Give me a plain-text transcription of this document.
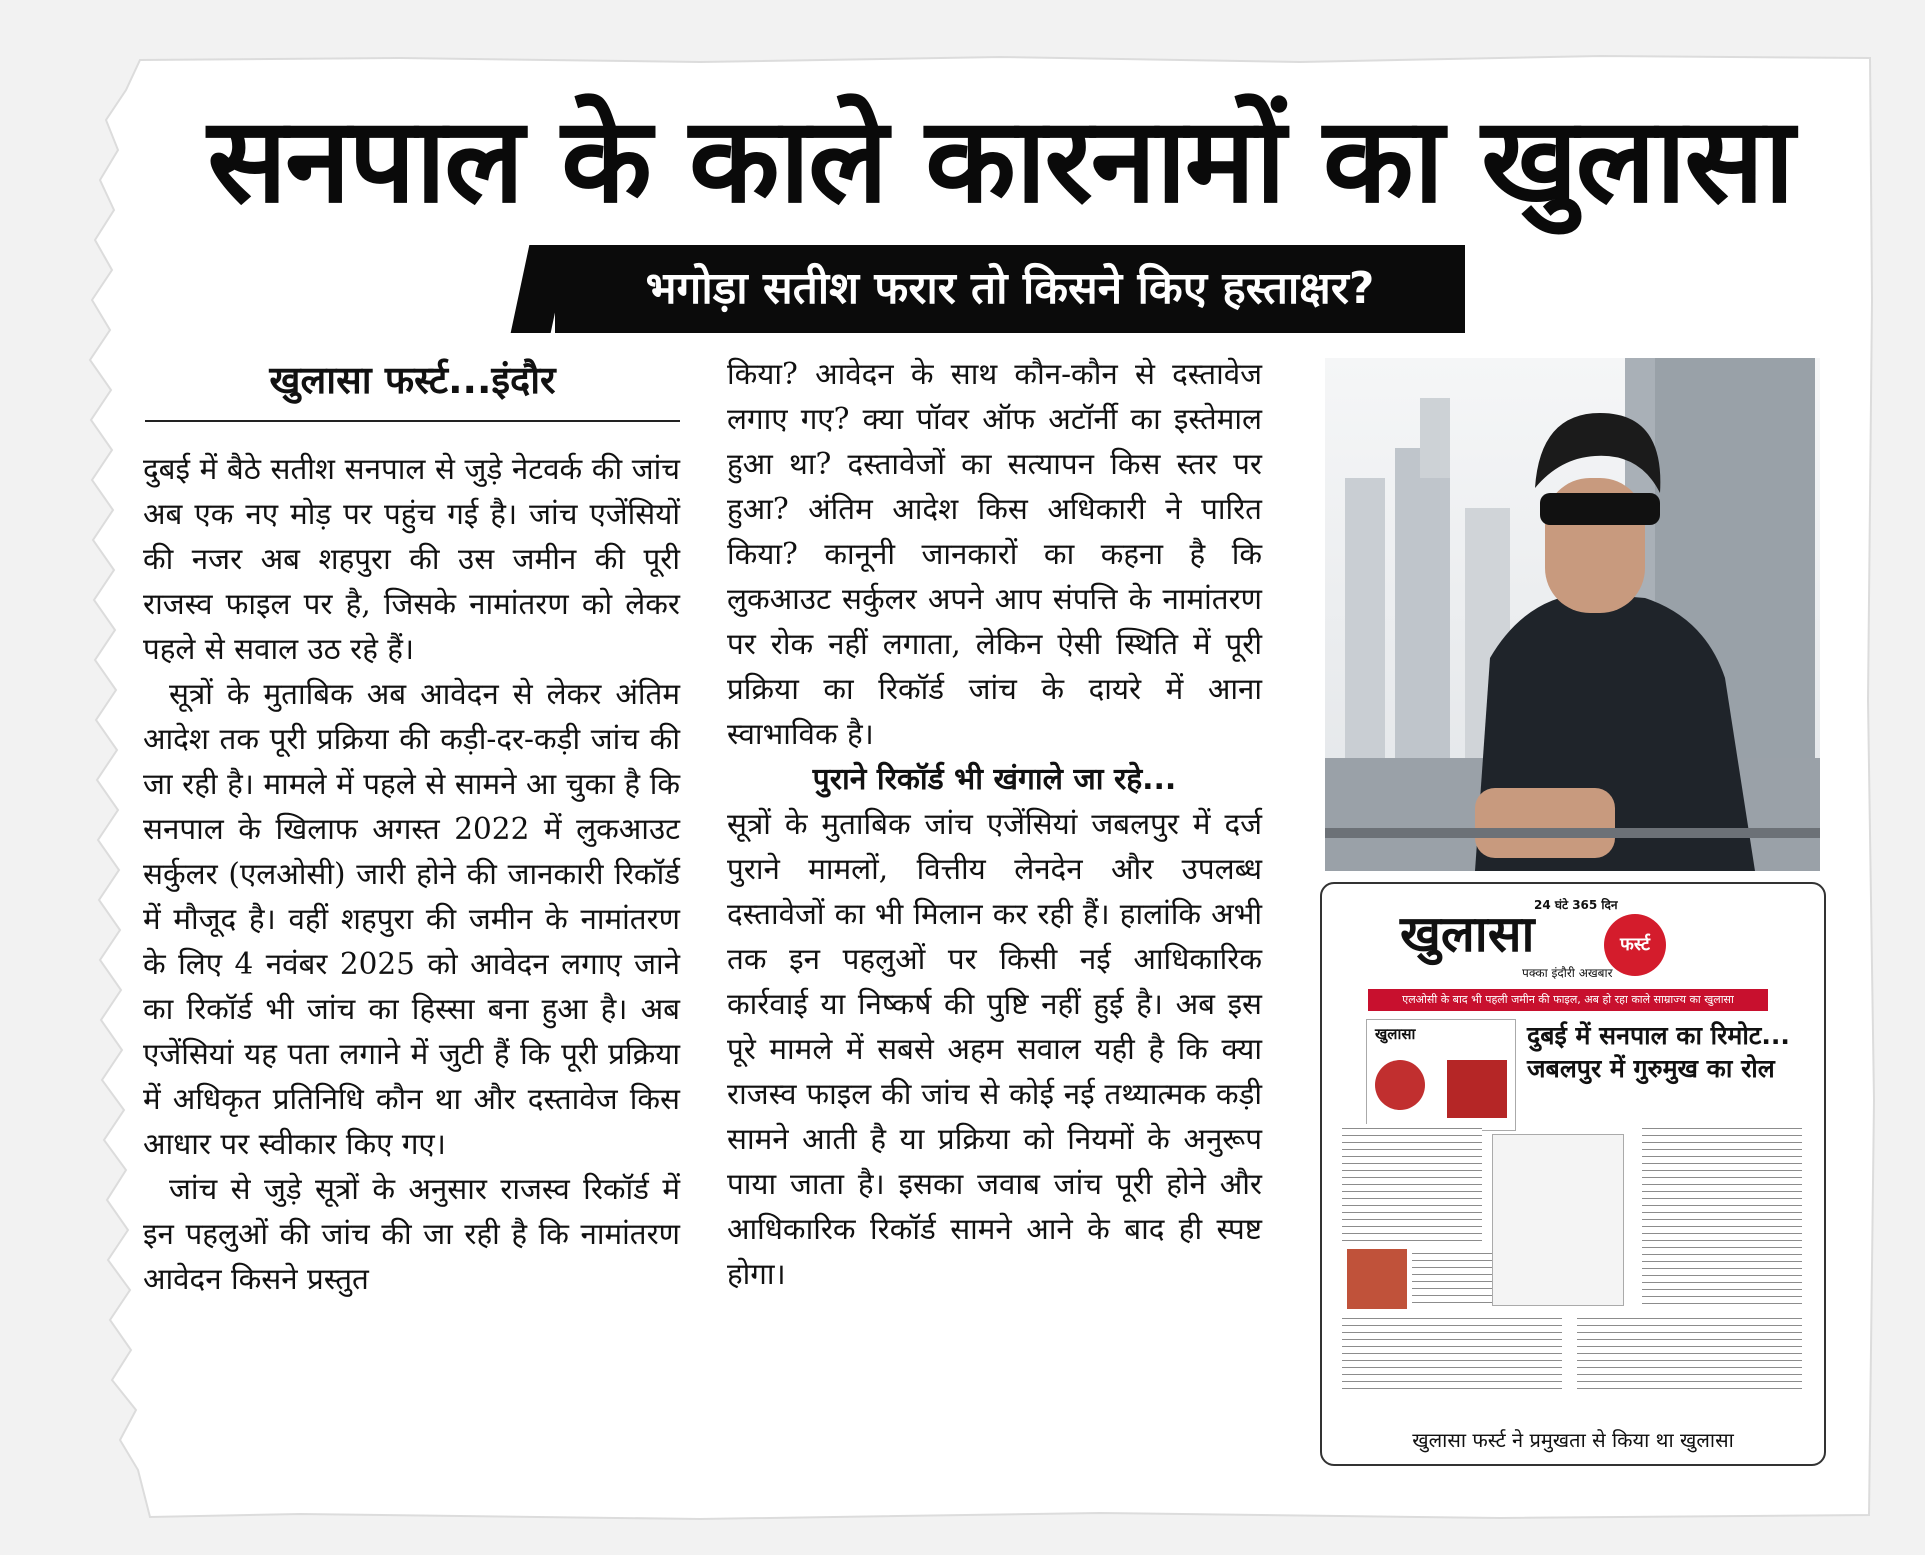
सनपाल के काले कारनामों का खुलासा
भगोड़ा सतीश फरार तो किसने किए हस्ताक्षर?
खुलासा फर्स्ट...इंदौर

दुबई में बैठे सतीश सनपाल से जुड़े नेटवर्क की जांच अब एक नए मोड़ पर पहुंच गई है। जांच एजेंसियों की नजर अब शहपुरा की उस जमीन की पूरी राजस्व फाइल पर है, जिसके नामांतरण को लेकर पहले से सवाल उठ रहे हैं।

सूत्रों के मुताबिक अब आवेदन से लेकर अंतिम आदेश तक पूरी प्रक्रिया की कड़ी-दर-कड़ी जांच की जा रही है। मामले में पहले से सामने आ चुका है कि सनपाल के खिलाफ अगस्त 2022 में लुकआउट सर्कुलर (एलओसी) जारी होने की जानकारी रिकॉर्ड में मौजूद है। वहीं शहपुरा की जमीन के नामांतरण के लिए 4 नवंबर 2025 को आवेदन लगाए जाने का रिकॉर्ड भी जांच का हिस्सा बना हुआ है। अब एजेंसियां यह पता लगाने में जुटी हैं कि पूरी प्रक्रिया में अधिकृत प्रतिनिधि कौन था और दस्तावेज किस आधार पर स्वीकार किए गए।

जांच से जुड़े सूत्रों के अनुसार राजस्व रिकॉर्ड में इन पहलुओं की जांच की जा रही है कि नामांतरण आवेदन किसने प्रस्तुत

किया? आवेदन के साथ कौन-कौन से दस्तावेज लगाए गए? क्या पॉवर ऑफ अटॉर्नी का इस्तेमाल हुआ था? दस्तावेजों का सत्यापन किस स्तर पर हुआ? अंतिम आदेश किस अधिकारी ने पारित किया? कानूनी जानकारों का कहना है कि लुकआउट सर्कुलर अपने आप संपत्ति के नामांतरण पर रोक नहीं लगाता, लेकिन ऐसी स्थिति में पूरी प्रक्रिया का रिकॉर्ड जांच के दायरे में आना स्वाभाविक है।

पुराने रिकॉर्ड भी खंगाले जा रहे...

सूत्रों के मुताबिक जांच एजेंसियां जबलपुर में दर्ज पुराने मामलों, वित्तीय लेनदेन और उपलब्ध दस्तावेजों का भी मिलान कर रही हैं। हालांकि अभी तक इन पहलुओं पर किसी नई आधिकारिक कार्रवाई या निष्कर्ष की पुष्टि नहीं हुई है। अब इस पूरे मामले में सबसे अहम सवाल यही है कि क्या राजस्व फाइल की जांच से कोई नई तथ्यात्मक कड़ी सामने आती है या प्रक्रिया को नियमों के अनुरूप पाया जाता है। इसका जवाब जांच पूरी होने और आधिकारिक रिकॉर्ड सामने आने के बाद ही स्पष्ट होगा।

24 घंटे 365 दिन
खुलासा	फर्स्ट
पक्का इंदौरी अखबार
एलओसी के बाद भी पहली जमीन की फाइल, अब हो रहा काले साम्राज्य का खुलासा
खुलासा	दुबई में सनपाल का रिमोट...
जबलपुर में गुरुमुख का रोल
खुलासा फर्स्ट ने प्रमुखता से किया था खुलासा
